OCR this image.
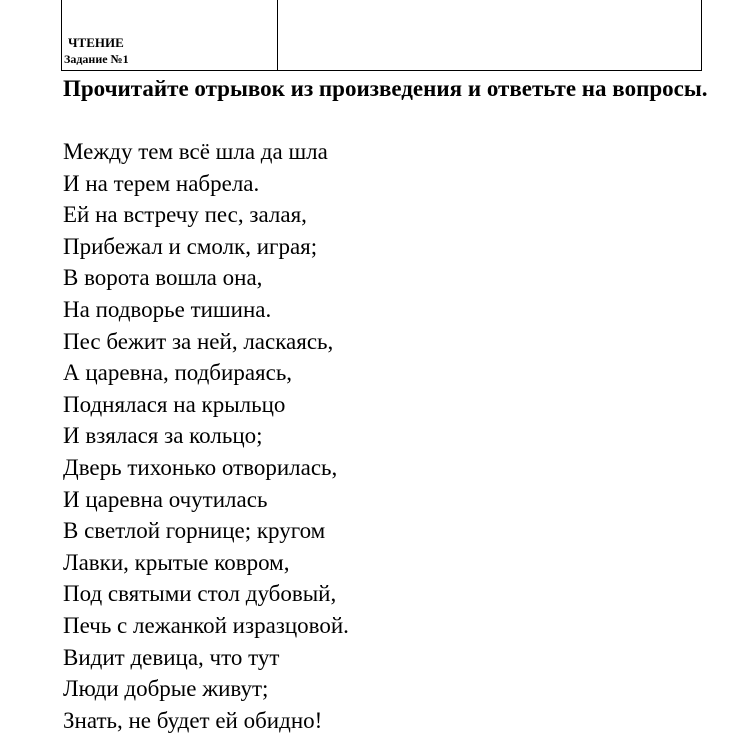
ЧТЕНИЕ
Задание №1

Прочитайте отрывок из произведения и ответьте на вопросы.

Между тем всё шла да шла
И на терем набрела.
Ей на встречу пес, залая,
Прибежал и смолк, играя;
В ворота вошла она,
На подворье тишина.
Пес бежит за ней, ласкаясь,
А царевна, подбираясь,
Поднялася на крыльцо
И взялася за кольцо;
Дверь тихонько отворилась,
И царевна очутилась
В светлой горнице; кругом
Лавки, крытые ковром,
Под святыми стол дубовый,
Печь с лежанкой изразцовой.
Видит девица, что тут
Люди добрые живут;
Знать, не будет ей обидно!
